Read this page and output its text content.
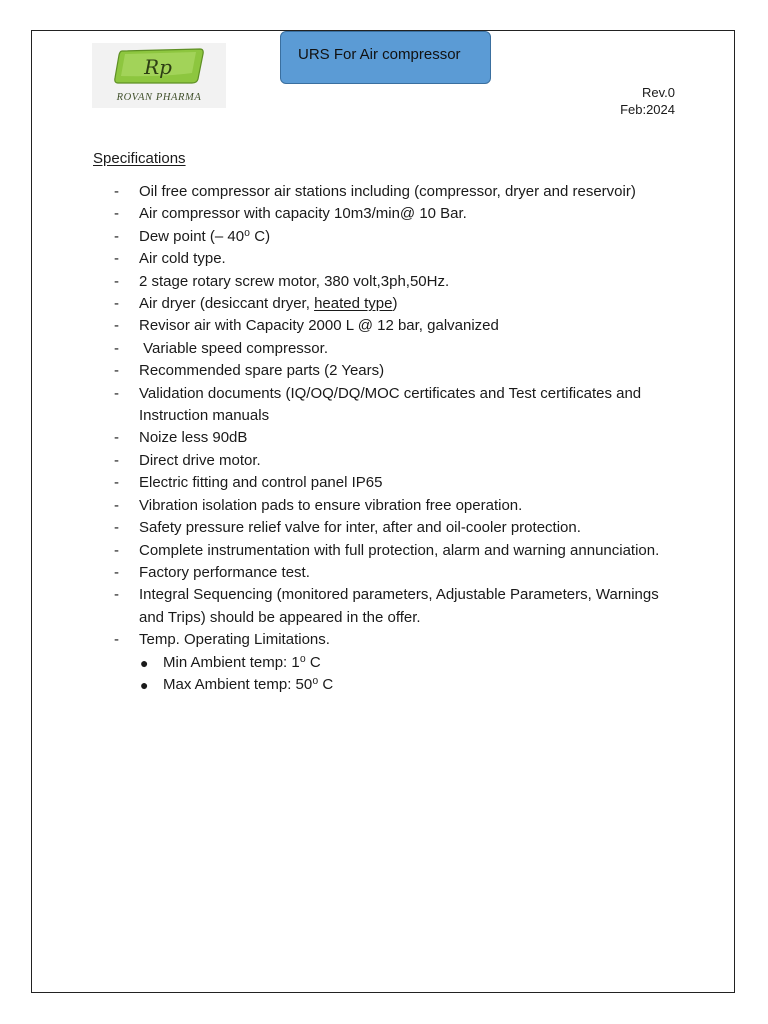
Rp
ROVAN PHARMA
URS For Air compressor
Rev.0
Feb:2024
Specifications
- Oil free compressor air stations including (compressor, dryer and reservoir)
- Air compressor with capacity 10m3/min@ 10 Bar.
- Dew point (– 40⁰ C)
- Air cold type.
- 2 stage rotary screw motor, 380 volt,3ph,50Hz.
- Air dryer (desiccant dryer, heated type)
- Revisor air with Capacity 2000 L @ 12 bar, galvanized
- Variable speed compressor.
- Recommended spare parts (2 Years)
- Validation documents (IQ/OQ/DQ/MOC certificates and Test certificates and Instruction manuals
- Noize less 90dB
- Direct drive motor.
- Electric fitting and control panel IP65
- Vibration isolation pads to ensure vibration free operation.
- Safety pressure relief valve for inter, after and oil-cooler protection.
- Complete instrumentation with full protection, alarm and warning annunciation.
- Factory performance test.
- Integral Sequencing (monitored parameters, Adjustable Parameters, Warnings and Trips) should be appeared in the offer.
- Temp. Operating Limitations.
● Min Ambient temp: 1⁰ C
● Max Ambient temp: 50⁰ C
